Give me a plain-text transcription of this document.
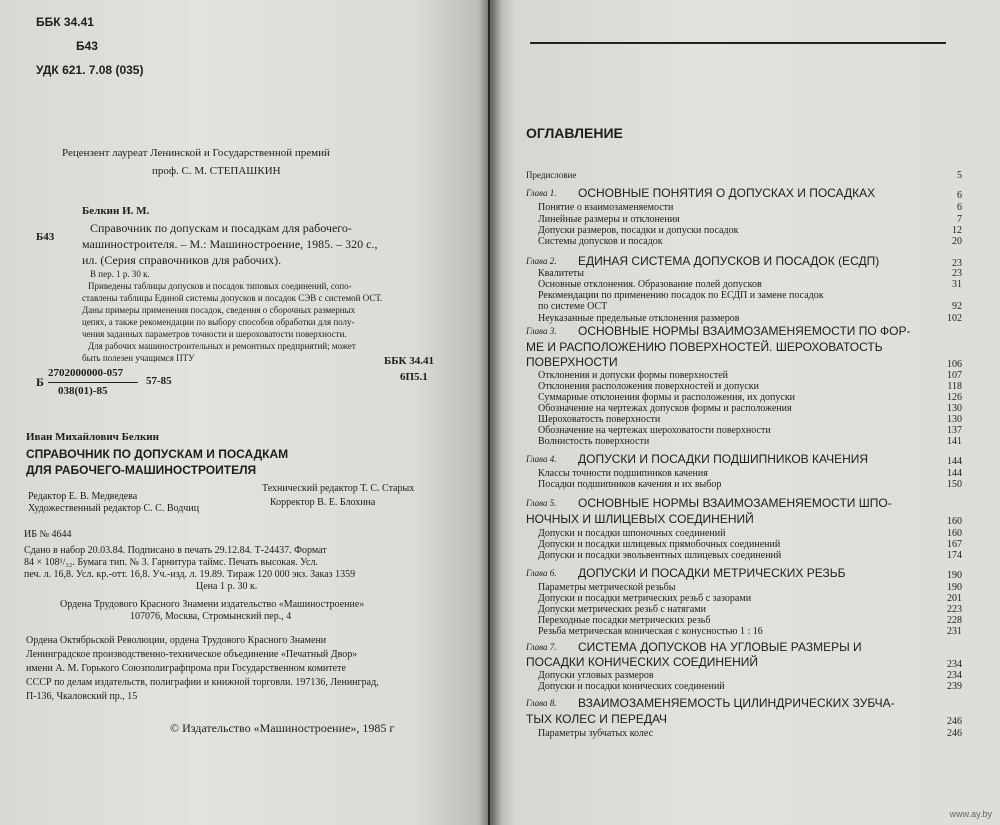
ББК 34.41
Б43
УДК 621. 7.08 (035)
Рецензент лауреат Ленинской и Государственной премий
проф. С. М. СТЕПАШКИН
Б43
Белкин И. М.
Справочник по допускам и посадкам для рабочего-
машиностроителя. – М.: Машиностроение, 1985. – 320 с.,
ил. (Серия справочников для рабочих).
В пер. 1 р. 30 к.
Приведены таблицы допусков и посадок типовых соединений, сопо-
ставлены таблицы Единой системы допусков и посадок СЭВ с системой ОСТ.
Даны примеры применения посадок, сведения о сборочных размерных
цепях, а также рекомендации по выбору способов обработки для полу-
чения заданных параметров точности и шероховатости поверхности.
Для рабочих машиностроительных и ремонтных предприятий; может
быть полезен учащимся ПТУ	ББК 34.41
6П5.1
Б
2702000000-057
038(01)-85
57-85
Иван Михайлович Белкин
СПРАВОЧНИК ПО ДОПУСКАМ И ПОСАДКАМ
ДЛЯ РАБОЧЕГО-МАШИНОСТРОИТЕЛЯ
Редактор Е. В. Медведева
Технический редактор Т. С. Старых
Художественный редактор С. С. Водчиц
Корректор В. Е. Блохина
ИБ № 4644
Сдано в набор 20.03.84. Подписано в печать 29.12.84. Т-24437. Формат
84 × 108¹/₃₂. Бумага тип. № 3. Гарнитура таймс. Печать высокая. Усл.
печ. л. 16,8. Усл. кр.-отт. 16,8. Уч.-изд. л. 19.89. Тираж 120 000 экз. Заказ 1359
Цена 1 р. 30 к.
Ордена Трудового Красного Знамени издательство «Машиностроение»
107076, Москва, Стромынский пер., 4
Ордена Октябрьской Революции, ордена Трудового Красного Знамени
Ленинградское производственно-техническое объединение «Печатный Двор»
имени А. М. Горького Союзполиграфпрома при Государственном комитете
СССР по делам издательств, полиграфии и книжной торговли. 197136, Ленинград,
П-136, Чкаловский пр., 15
© Издательство «Машиностроение», 1985 г
ОГЛАВЛЕНИЕ
Предисловие	5
Глава 1. ОСНОВНЫЕ ПОНЯТИЯ О ДОПУСКАХ И ПОСАДКАХ	6
Понятие о взаимозаменяемости	6
Линейные размеры и отклонения	7
Допуски размеров, посадки и допуски посадок	12
Системы допусков и посадок	20
Глава 2. ЕДИНАЯ СИСТЕМА ДОПУСКОВ И ПОСАДОК (ЕСДП)	23
Квалитеты	23
Основные отклонения. Образование полей допусков	31
Рекомендации по применению посадок по ЕСДП и замене посадок
по системе ОСТ	92
Неуказанные предельные отклонения размеров	102
Глава 3. ОСНОВНЫЕ НОРМЫ ВЗАИМОЗАМЕНЯЕМОСТИ ПО ФОР-
МЕ И РАСПОЛОЖЕНИЮ ПОВЕРХНОСТЕЙ. ШЕРОХОВАТОСТЬ
ПОВЕРХНОСТИ	106
Отклонения и допуски формы поверхностей	107
Отклонения расположения поверхностей и допуски	118
Суммарные отклонения формы и расположения, их допуски	126
Обозначение на чертежах допусков формы и расположения	130
Шероховатость поверхности	130
Обозначение на чертежах шероховатости поверхности	137
Волнистость поверхности	141
Глава 4. ДОПУСКИ И ПОСАДКИ ПОДШИПНИКОВ КАЧЕНИЯ	144
Классы точности подшипников качения	144
Посадки подшипников качения и их выбор	150
Глава 5. ОСНОВНЫЕ НОРМЫ ВЗАИМОЗАМЕНЯЕМОСТИ ШПО-
НОЧНЫХ И ШЛИЦЕВЫХ СОЕДИНЕНИЙ	160
Допуски и посадки шпоночных соединений	160
Допуски и посадки шлицевых прямобочных соединений	167
Допуски и посадки эвольвентных шлицевых соединений	174
Глава 6. ДОПУСКИ И ПОСАДКИ МЕТРИЧЕСКИХ РЕЗЬБ	190
Параметры метрической резьбы	190
Допуски и посадки метрических резьб с зазорами	201
Допуски метрических резьб с натягами	223
Переходные посадки метрических резьб	228
Резьба метрическая коническая с конусностью 1 : 16	231
Глава 7. СИСТЕМА ДОПУСКОВ НА УГЛОВЫЕ РАЗМЕРЫ И
ПОСАДКИ КОНИЧЕСКИХ СОЕДИНЕНИЙ	234
Допуски угловых размеров	234
Допуски и посадки конических соединений	239
Глава 8. ВЗАИМОЗАМЕНЯЕМОСТЬ ЦИЛИНДРИЧЕСКИХ ЗУБЧА-
ТЫХ КОЛЕС И ПЕРЕДАЧ	246
Параметры зубчатых колес	246
www.ay.by
